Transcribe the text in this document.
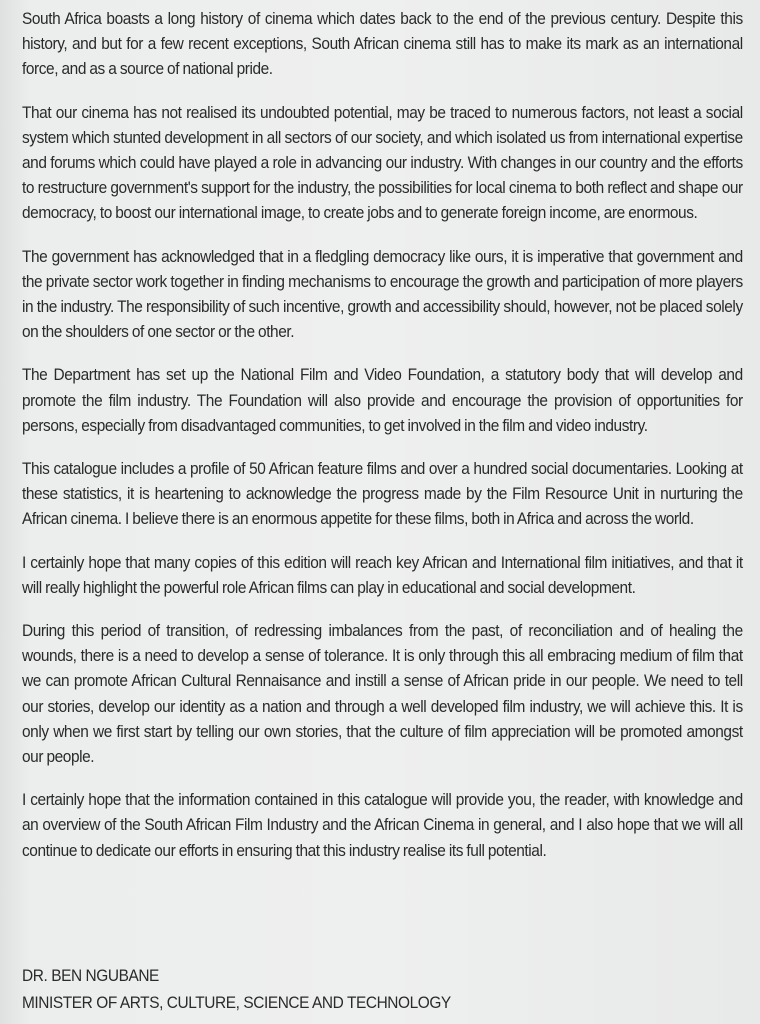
South Africa boasts a long history of cinema which dates back to the end of the previous century. Despite this history, and but for a few recent exceptions, South African cinema still has to make its mark as an international force, and as a source of national pride.

That our cinema has not realised its undoubted potential, may be traced to numerous factors, not least a social system which stunted development in all sectors of our society, and which isolated us from international expertise and forums which could have played a role in advancing our industry. With changes in our country and the efforts to restructure government's support for the industry, the possibilities for local cinema to both reflect and shape our democracy, to boost our international image, to create jobs and to generate foreign income, are enormous.

The government has acknowledged that in a fledgling democracy like ours, it is imperative that government and the private sector work together in finding mechanisms to encourage the growth and participation of more players in the industry. The responsibility of such incentive, growth and accessibility should, however, not be placed solely on the shoulders of one sector or the other.

The Department has set up the National Film and Video Foundation, a statutory body that will develop and promote the film industry. The Foundation will also provide and encourage the provision of opportunities for persons, especially from disadvantaged communities, to get involved in the film and video industry.

This catalogue includes a profile of 50 African feature films and over a hundred social documentaries. Looking at these statistics, it is heartening to acknowledge the progress made by the Film Resource Unit in nurturing the African cinema. I believe there is an enormous appetite for these films, both in Africa and across the world.

I certainly hope that many copies of this edition will reach key African and International film initiatives, and that it will really highlight the powerful role African films can play in educational and social development.

During this period of transition, of redressing imbalances from the past, of reconciliation and of healing the wounds, there is a need to develop a sense of tolerance. It is only through this all embracing medium of film that we can promote African Cultural Rennaisance and instill a sense of African pride in our people. We need to tell our stories, develop our identity as a nation and through a well developed film industry, we will achieve this. It is only when we first start by telling our own stories, that the culture of film appreciation will be promoted amongst our people.

I certainly hope that the information contained in this catalogue will provide you, the reader, with knowledge and an overview of the South African Film Industry and the African Cinema in general, and I also hope that we will all continue to dedicate our efforts in ensuring that this industry realise its full potential.

DR. BEN NGUBANE
MINISTER OF ARTS, CULTURE, SCIENCE AND TECHNOLOGY
